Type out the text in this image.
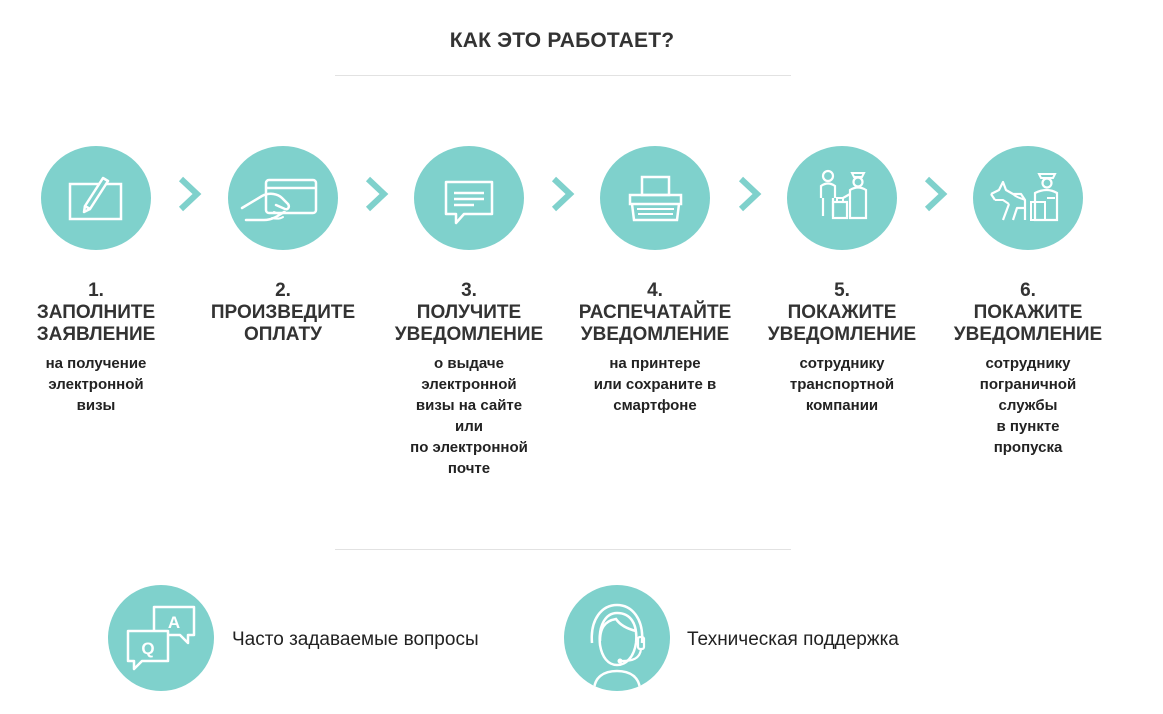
КАК ЭТО РАБОТАЕТ?
1.
ЗАПОЛНИТЕ
ЗАЯВЛЕНИЕ
на получение
электронной
визы
2.
ПРОИЗВЕДИТЕ
ОПЛАТУ
3.
ПОЛУЧИТЕ
УВЕДОМЛЕНИЕ
о выдаче
электронной
визы на сайте
или
по электронной
почте
4.
РАСПЕЧАТАЙТЕ
УВЕДОМЛЕНИЕ
на принтере
или сохраните в
смартфоне
5.
ПОКАЖИТЕ
УВЕДОМЛЕНИЕ
сотруднику
транспортной
компании
6.
ПОКАЖИТЕ
УВЕДОМЛЕНИЕ
сотруднику
пограничной
службы
в пункте
пропуска
A
Q	Часто задаваемые вопросы	Техническая поддержка
